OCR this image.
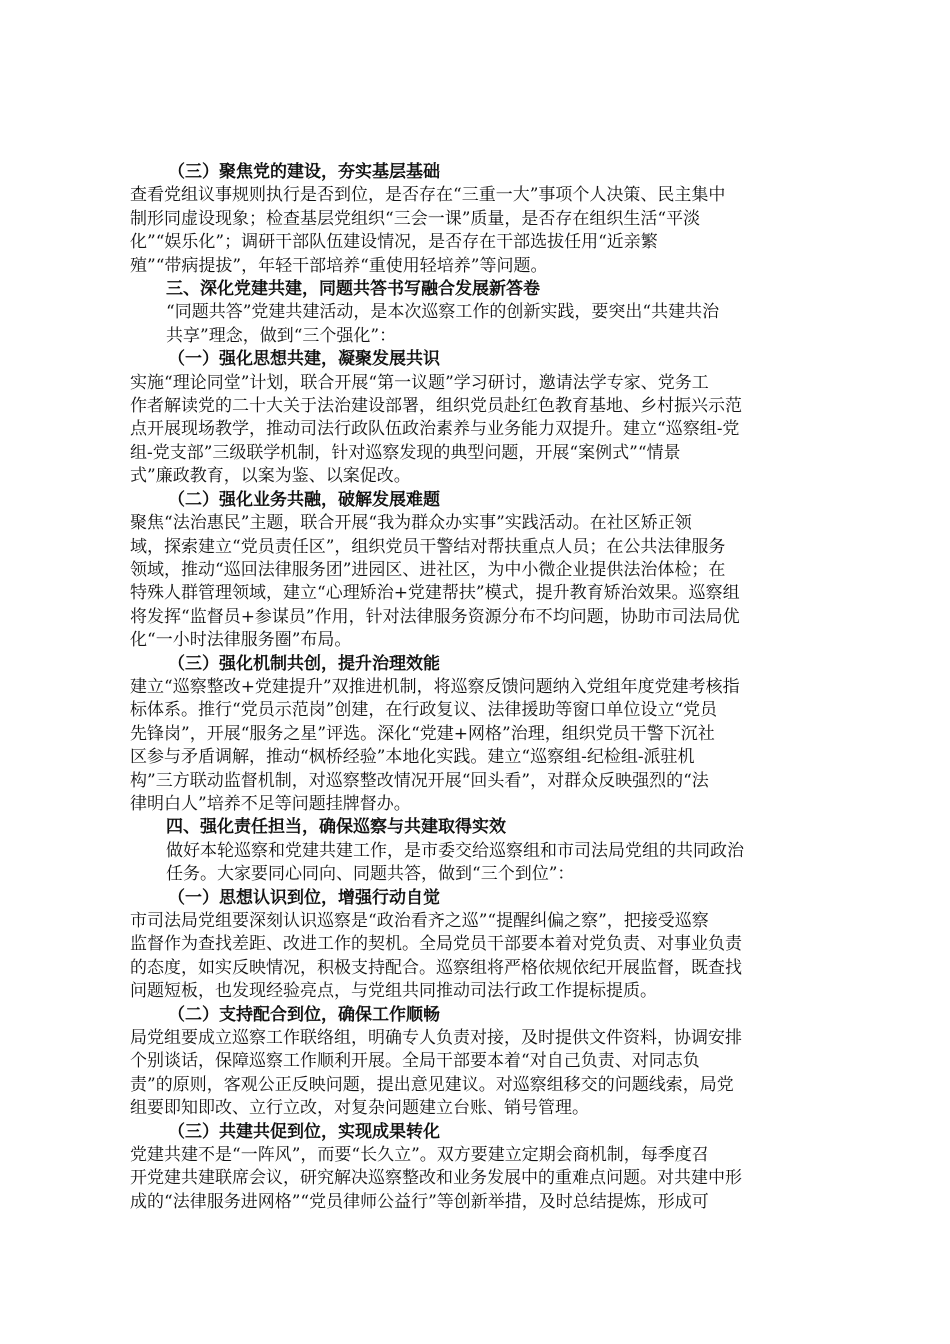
（三）聚焦党的建设，夯实基层基础

查看党组议事规则执行是否到位，是否存在“三重一大”事项个人决策、民主集中
制形同虚设现象；检查基层党组织“三会一课”质量，是否存在组织生活“平淡
化”“娱乐化”；调研干部队伍建设情况，是否存在干部选拔任用“近亲繁
殖”“带病提拔”，年轻干部培养“重使用轻培养”等问题。

三、深化党建共建，同题共答书写融合发展新答卷

“同题共答”党建共建活动，是本次巡察工作的创新实践，要突出“共建共治
共享”理念，做到“三个强化”：

（一）强化思想共建，凝聚发展共识

实施“理论同堂”计划，联合开展“第一议题”学习研讨，邀请法学专家、党务工
作者解读党的二十大关于法治建设部署，组织党员赴红色教育基地、乡村振兴示范
点开展现场教学，推动司法行政队伍政治素养与业务能力双提升。建立“巡察组-党
组-党支部”三级联学机制，针对巡察发现的典型问题，开展“案例式”“情景
式”廉政教育，以案为鉴、以案促改。

（二）强化业务共融，破解发展难题

聚焦“法治惠民”主题，联合开展“我为群众办实事”实践活动。在社区矫正领
域，探索建立“党员责任区”，组织党员干警结对帮扶重点人员；在公共法律服务
领域，推动“巡回法律服务团”进园区、进社区，为中小微企业提供法治体检；在
特殊人群管理领域，建立“心理矫治+党建帮扶”模式，提升教育矫治效果。巡察组
将发挥“监督员+参谋员”作用，针对法律服务资源分布不均问题，协助市司法局优
化“一小时法律服务圈”布局。

（三）强化机制共创，提升治理效能

建立“巡察整改+党建提升”双推进机制，将巡察反馈问题纳入党组年度党建考核指
标体系。推行“党员示范岗”创建，在行政复议、法律援助等窗口单位设立“党员
先锋岗”，开展“服务之星”评选。深化“党建+网格”治理，组织党员干警下沉社
区参与矛盾调解，推动“枫桥经验”本地化实践。建立“巡察组-纪检组-派驻机
构”三方联动监督机制，对巡察整改情况开展“回头看”，对群众反映强烈的“法
律明白人”培养不足等问题挂牌督办。

四、强化责任担当，确保巡察与共建取得实效

做好本轮巡察和党建共建工作，是市委交给巡察组和市司法局党组的共同政治
任务。大家要同心同向、同题共答，做到“三个到位”：

（一）思想认识到位，增强行动自觉

市司法局党组要深刻认识巡察是“政治看齐之巡”“提醒纠偏之察”，把接受巡察
监督作为查找差距、改进工作的契机。全局党员干部要本着对党负责、对事业负责
的态度，如实反映情况，积极支持配合。巡察组将严格依规依纪开展监督，既查找
问题短板，也发现经验亮点，与党组共同推动司法行政工作提标提质。

（二）支持配合到位，确保工作顺畅

局党组要成立巡察工作联络组，明确专人负责对接，及时提供文件资料，协调安排
个别谈话，保障巡察工作顺利开展。全局干部要本着“对自己负责、对同志负
责”的原则，客观公正反映问题，提出意见建议。对巡察组移交的问题线索，局党
组要即知即改、立行立改，对复杂问题建立台账、销号管理。

（三）共建共促到位，实现成果转化

党建共建不是“一阵风”，而要“长久立”。双方要建立定期会商机制，每季度召
开党建共建联席会议，研究解决巡察整改和业务发展中的重难点问题。对共建中形
成的“法律服务进网格”“党员律师公益行”等创新举措，及时总结提炼，形成可
